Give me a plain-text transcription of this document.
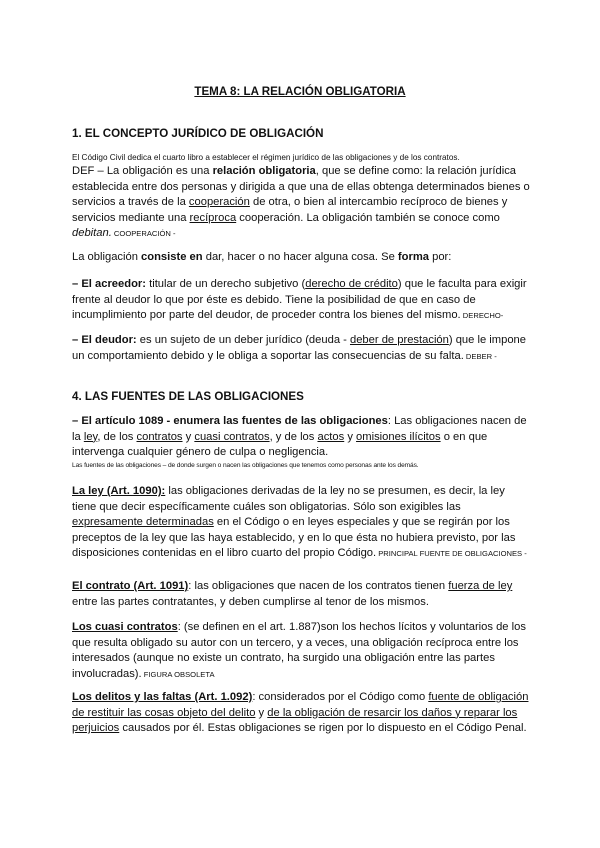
TEMA 8: LA RELACIÓN OBLIGATORIA
1. EL CONCEPTO JURÍDICO DE OBLIGACIÓN

El Código Civil dedica el cuarto libro a establecer el régimen jurídico de las obligaciones y de los contratos.

DEF – La obligación es una relación obligatoria, que se define como: la relación jurídica establecida entre dos personas y dirigida a que una de ellas obtenga determinados bienes o servicios a través de la cooperación de otra, o bien al intercambio recíproco de bienes y servicios mediante una recíproca cooperación. La obligación también se conoce como debitan. COOPERACIÓN -

La obligación consiste en dar, hacer o no hacer alguna cosa. Se forma por:
– El acreedor: titular de un derecho subjetivo (derecho de crédito) que le faculta para exigir frente al deudor lo que por éste es debido. Tiene la posibilidad de que en caso de incumplimiento por parte del deudor, de proceder contra los bienes del mismo. DERECHO-
– El deudor: es un sujeto de un deber jurídico (deuda - deber de prestación) que le impone un comportamiento debido y le obliga a soportar las consecuencias de su falta. DEBER -
4. LAS FUENTES DE LAS OBLIGACIONES

– El artículo 1089 - enumera las fuentes de las obligaciones: Las obligaciones nacen de la ley, de los contratos y cuasi contratos, y de los actos y omisiones ilícitos o en que intervenga cualquier género de culpa o negligencia.

Las fuentes de las obligaciones – de donde surgen o nacen las obligaciones que tenemos como personas ante los demás.

La ley (Art. 1090): las obligaciones derivadas de la ley no se presumen, es decir, la ley tiene que decir específicamente cuáles son obligatorias. Sólo son exigibles las expresamente determinadas en el Código o en leyes especiales y que se regirán por los preceptos de la ley que las haya establecido, y en lo que ésta no hubiera previsto, por las disposiciones contenidas en el libro cuarto del propio Código. PRINCIPAL FUENTE DE OBLIGACIONES -
El contrato (Art. 1091): las obligaciones que nacen de los contratos tienen fuerza de ley entre las partes contratantes, y deben cumplirse al tenor de los mismos.
Los cuasi contratos: (se definen en el art. 1.887)son los hechos lícitos y voluntarios de los que resulta obligado su autor con un tercero, y a veces, una obligación recíproca entre los interesados (aunque no existe un contrato, ha surgido una obligación entre las partes involucradas). FIGURA OBSOLETA
Los delitos y las faltas (Art. 1.092): considerados por el Código como fuente de obligación de restituir las cosas objeto del delito y de la obligación de resarcir los daños y reparar los perjuicios causados por él. Estas obligaciones se rigen por lo dispuesto en el Código Penal.
